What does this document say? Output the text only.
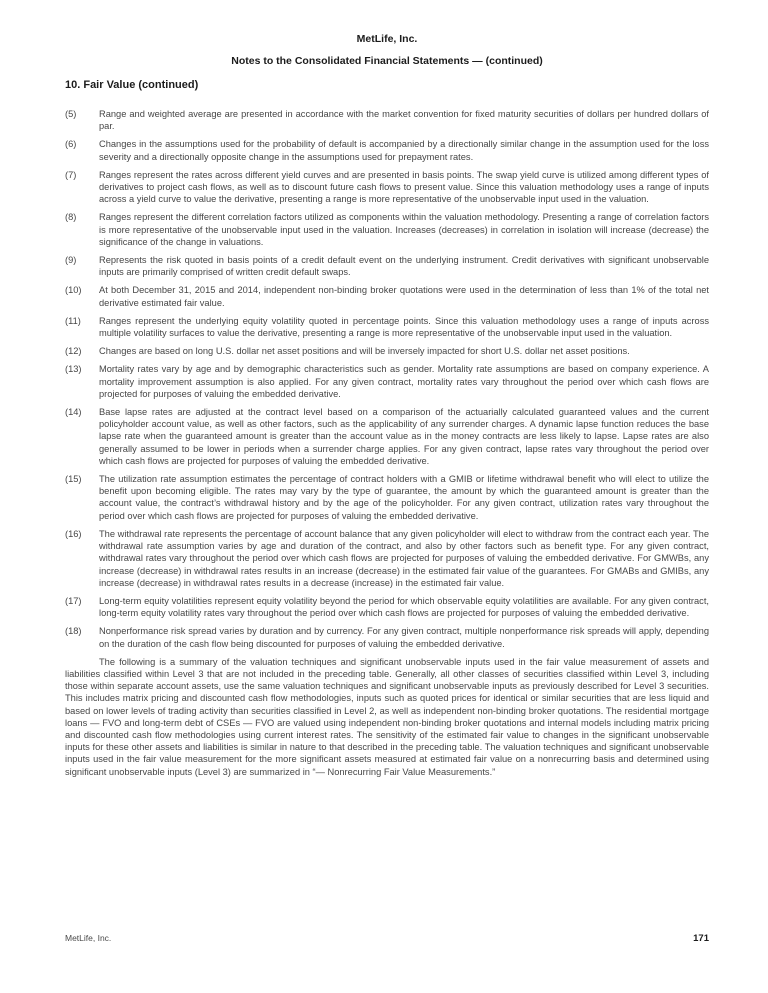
MetLife, Inc.
Notes to the Consolidated Financial Statements — (continued)
10. Fair Value (continued)
(5)	Range and weighted average are presented in accordance with the market convention for fixed maturity securities of dollars per hundred dollars of par.
(6)	Changes in the assumptions used for the probability of default is accompanied by a directionally similar change in the assumption used for the loss severity and a directionally opposite change in the assumptions used for prepayment rates.
(7)	Ranges represent the rates across different yield curves and are presented in basis points. The swap yield curve is utilized among different types of derivatives to project cash flows, as well as to discount future cash flows to present value. Since this valuation methodology uses a range of inputs across a yield curve to value the derivative, presenting a range is more representative of the unobservable input used in the valuation.
(8)	Ranges represent the different correlation factors utilized as components within the valuation methodology. Presenting a range of correlation factors is more representative of the unobservable input used in the valuation. Increases (decreases) in correlation in isolation will increase (decrease) the significance of the change in valuations.
(9)	Represents the risk quoted in basis points of a credit default event on the underlying instrument. Credit derivatives with significant unobservable inputs are primarily comprised of written credit default swaps.
(10)	At both December 31, 2015 and 2014, independent non-binding broker quotations were used in the determination of less than 1% of the total net derivative estimated fair value.
(11)	Ranges represent the underlying equity volatility quoted in percentage points. Since this valuation methodology uses a range of inputs across multiple volatility surfaces to value the derivative, presenting a range is more representative of the unobservable input used in the valuation.
(12)	Changes are based on long U.S. dollar net asset positions and will be inversely impacted for short U.S. dollar net asset positions.
(13)	Mortality rates vary by age and by demographic characteristics such as gender. Mortality rate assumptions are based on company experience. A mortality improvement assumption is also applied. For any given contract, mortality rates vary throughout the period over which cash flows are projected for purposes of valuing the embedded derivative.
(14)	Base lapse rates are adjusted at the contract level based on a comparison of the actuarially calculated guaranteed values and the current policyholder account value, as well as other factors, such as the applicability of any surrender charges. A dynamic lapse function reduces the base lapse rate when the guaranteed amount is greater than the account value as in the money contracts are less likely to lapse. Lapse rates are also generally assumed to be lower in periods when a surrender charge applies. For any given contract, lapse rates vary throughout the period over which cash flows are projected for purposes of valuing the embedded derivative.
(15)	The utilization rate assumption estimates the percentage of contract holders with a GMIB or lifetime withdrawal benefit who will elect to utilize the benefit upon becoming eligible. The rates may vary by the type of guarantee, the amount by which the guaranteed amount is greater than the account value, the contract’s withdrawal history and by the age of the policyholder. For any given contract, utilization rates vary throughout the period over which cash flows are projected for purposes of valuing the embedded derivative.
(16)	The withdrawal rate represents the percentage of account balance that any given policyholder will elect to withdraw from the contract each year. The withdrawal rate assumption varies by age and duration of the contract, and also by other factors such as benefit type. For any given contract, withdrawal rates vary throughout the period over which cash flows are projected for purposes of valuing the embedded derivative. For GMWBs, any increase (decrease) in withdrawal rates results in an increase (decrease) in the estimated fair value of the guarantees. For GMABs and GMIBs, any increase (decrease) in withdrawal rates results in a decrease (increase) in the estimated fair value.
(17)	Long-term equity volatilities represent equity volatility beyond the period for which observable equity volatilities are available. For any given contract, long-term equity volatility rates vary throughout the period over which cash flows are projected for purposes of valuing the embedded derivative.
(18)	Nonperformance risk spread varies by duration and by currency. For any given contract, multiple nonperformance risk spreads will apply, depending on the duration of the cash flow being discounted for purposes of valuing the embedded derivative.

The following is a summary of the valuation techniques and significant unobservable inputs used in the fair value measurement of assets and liabilities classified within Level 3 that are not included in the preceding table. Generally, all other classes of securities classified within Level 3, including those within separate account assets, use the same valuation techniques and significant unobservable inputs as previously described for Level 3 securities. This includes matrix pricing and discounted cash flow methodologies, inputs such as quoted prices for identical or similar securities that are less liquid and based on lower levels of trading activity than securities classified in Level 2, as well as independent non-binding broker quotations. The residential mortgage loans — FVO and long-term debt of CSEs — FVO are valued using independent non-binding broker quotations and internal models including matrix pricing and discounted cash flow methodologies using current interest rates. The sensitivity of the estimated fair value to changes in the significant unobservable inputs for these other assets and liabilities is similar in nature to that described in the preceding table. The valuation techniques and significant unobservable inputs used in the fair value measurement for the more significant assets measured at estimated fair value on a nonrecurring basis and determined using significant unobservable inputs (Level 3) are summarized in “— Nonrecurring Fair Value Measurements.”

MetLife, Inc.	171
